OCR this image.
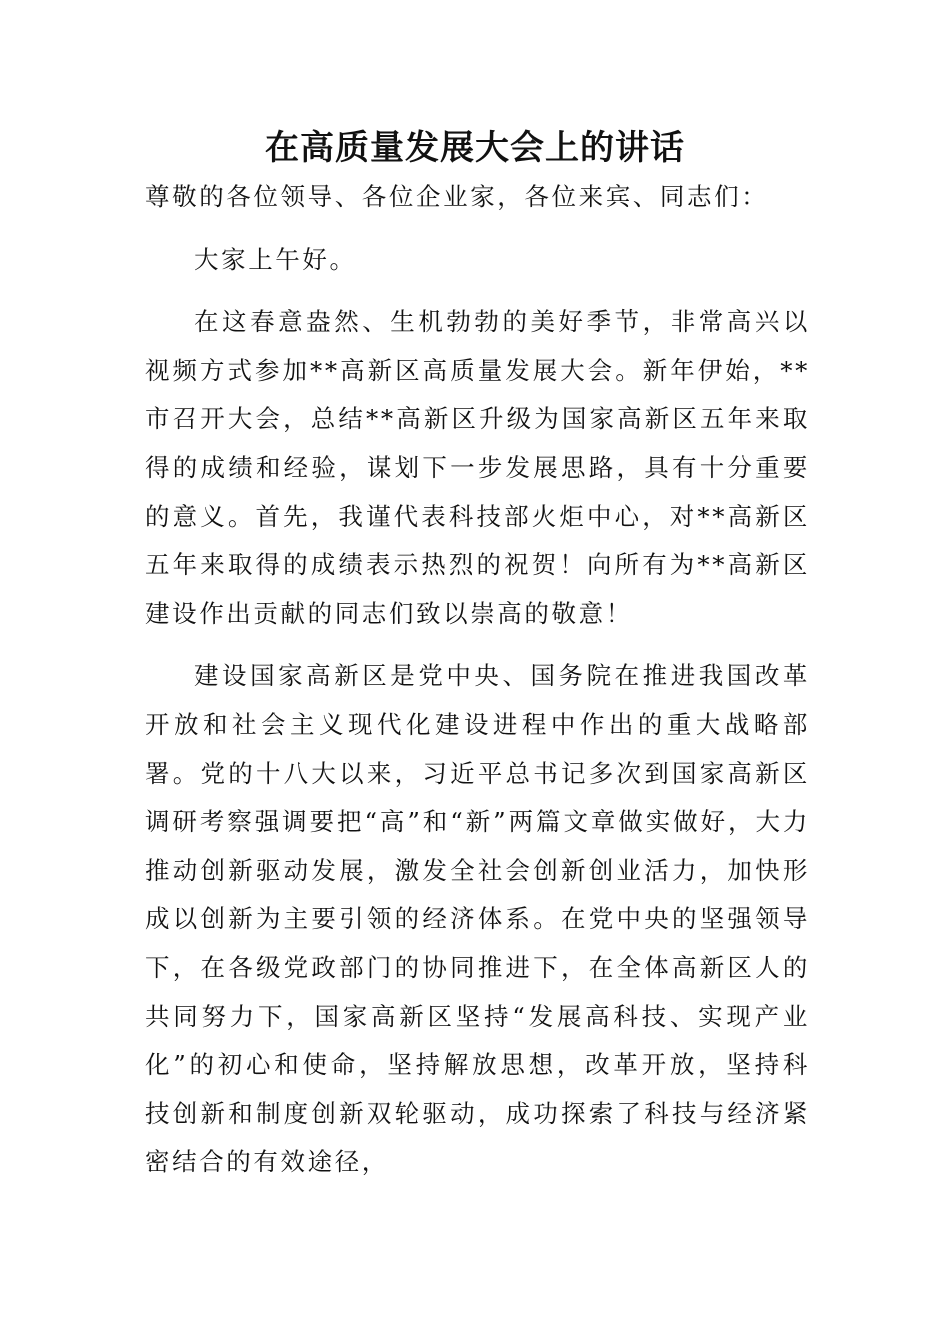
在高质量发展大会上的讲话

尊敬的各位领导、各位企业家，各位来宾、同志们：

大家上午好。

在这春意盎然、生机勃勃的美好季节，非常高兴以视频方式参加**高新区高质量发展大会。新年伊始，**市召开大会，总结**高新区升级为国家高新区五年来取得的成绩和经验，谋划下一步发展思路，具有十分重要的意义。首先，我谨代表科技部火炬中心，对**高新区五年来取得的成绩表示热烈的祝贺！向所有为**高新区建设作出贡献的同志们致以崇高的敬意！

建设国家高新区是党中央、国务院在推进我国改革开放和社会主义现代化建设进程中作出的重大战略部署。党的十八大以来，习近平总书记多次到国家高新区调研考察强调要把“高”和“新”两篇文章做实做好，大力推动创新驱动发展，激发全社会创新创业活力，加快形成以创新为主要引领的经济体系。在党中央的坚强领导下，在各级党政部门的协同推进下，在全体高新区人的共同努力下，国家高新区坚持“发展高科技、实现产业化”的初心和使命，坚持解放思想，改革开放，坚持科技创新和制度创新双轮驱动，成功探索了科技与经济紧密结合的有效途径，
